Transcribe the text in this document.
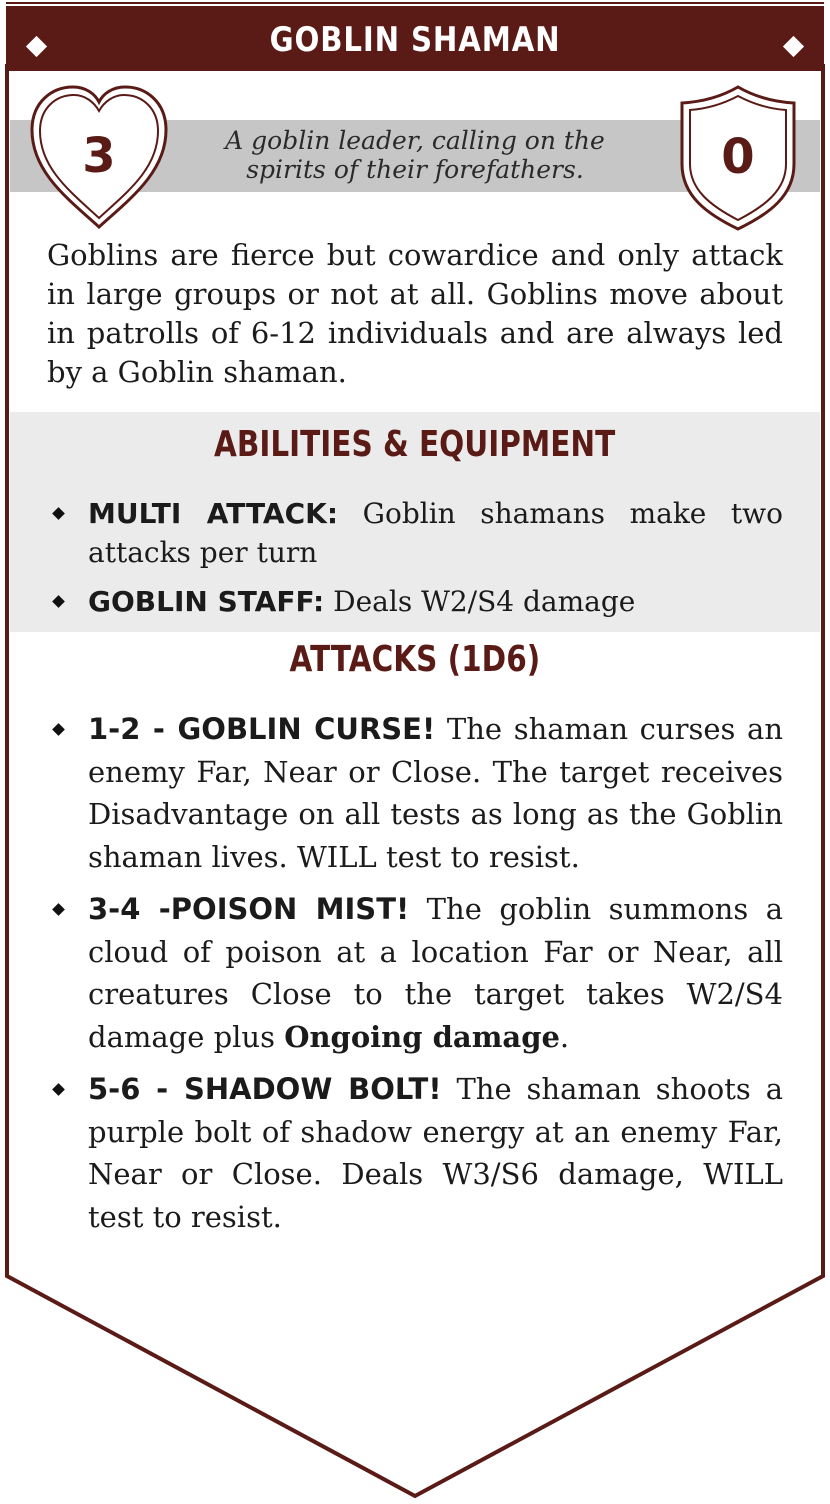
GOBLIN SHAMAN
A goblin leader, calling on the spirits of their forefathers.
3	0
Goblins are fierce but cowardice and only attack in large groups or not at all. Goblins move about in patrolls of 6-12 individuals and are always led by a Goblin shaman.
ABILITIES & EQUIPMENT
MULTI ATTACK: Goblin shamans make two attacks per turn
GOBLIN STAFF: Deals W2/S4 damage
ATTACKS (1D6)
1-2 - GOBLIN CURSE! The shaman curses an enemy Far, Near or Close. The target receives Disadvantage on all tests as long as the Goblin shaman lives. WILL test to resist.
3-4 -POISON MIST! The goblin summons a cloud of poison at a location Far or Near, all creatures Close to the target takes W2/S4 damage plus Ongoing damage.
5-6 - SHADOW BOLT! The shaman shoots a purple bolt of shadow energy at an enemy Far, Near or Close. Deals W3/S6 damage, WILL test to resist.
